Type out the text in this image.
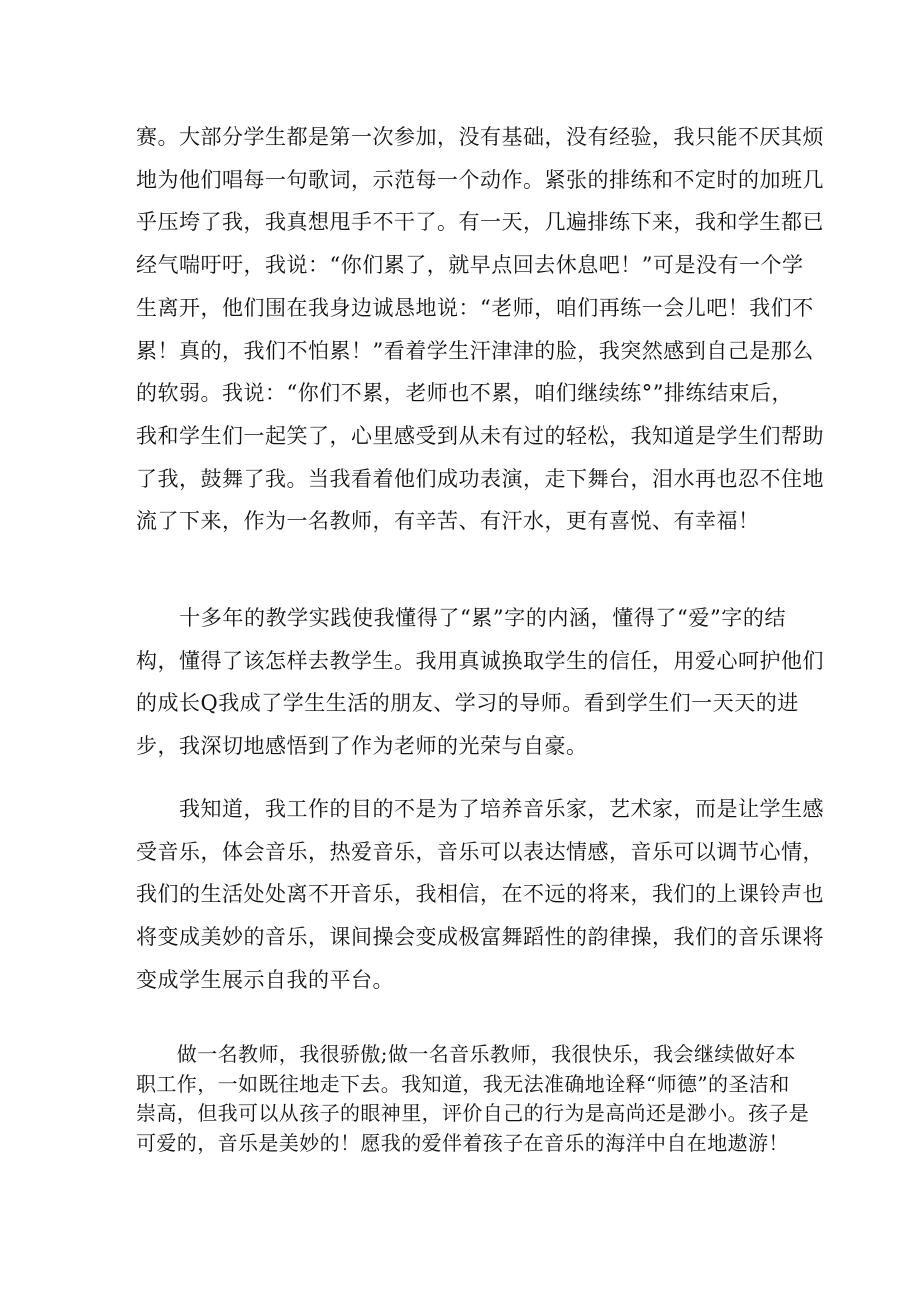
赛。大部分学生都是第一次参加，没有基础，没有经验，我只能不厌其烦
地为他们唱每一句歌词，示范每一个动作。紧张的排练和不定时的加班几
乎压垮了我，我真想甩手不干了。有一天，几遍排练下来，我和学生都已
经气喘吁吁，我说：“你们累了，就早点回去休息吧！”可是没有一个学
生离开，他们围在我身边诚恳地说：“老师，咱们再练一会儿吧！我们不
累！真的，我们不怕累！”看着学生汗津津的脸，我突然感到自己是那么
的软弱。我说：“你们不累，老师也不累，咱们继续练°”排练结束后，
我和学生们一起笑了，心里感受到从未有过的轻松，我知道是学生们帮助
了我，鼓舞了我。当我看着他们成功表演，走下舞台，泪水再也忍不住地
流了下来，作为一名教师，有辛苦、有汗水，更有喜悦、有幸福！
　　十多年的教学实践使我懂得了“累”字的内涵，懂得了“爱”字的结
构，懂得了该怎样去教学生。我用真诚换取学生的信任，用爱心呵护他们
的成长Q我成了学生生活的朋友、学习的导师。看到学生们一天天的进
步，我深切地感悟到了作为老师的光荣与自豪。
　　我知道，我工作的目的不是为了培养音乐家，艺术家，而是让学生感
受音乐，体会音乐，热爱音乐，音乐可以表达情感，音乐可以调节心情，
我们的生活处处离不开音乐，我相信，在不远的将来，我们的上课铃声也
将变成美妙的音乐，课间操会变成极富舞蹈性的韵律操，我们的音乐课将
变成学生展示自我的平台。
　　做一名教师，我很骄傲;做一名音乐教师，我很快乐，我会继续做好本
职工作，一如既往地走下去。我知道，我无法准确地诠释“师德”的圣洁和
崇高，但我可以从孩子的眼神里，评价自己的行为是高尚还是渺小。孩子是
可爱的，音乐是美妙的！愿我的爱伴着孩子在音乐的海洋中自在地遨游！
